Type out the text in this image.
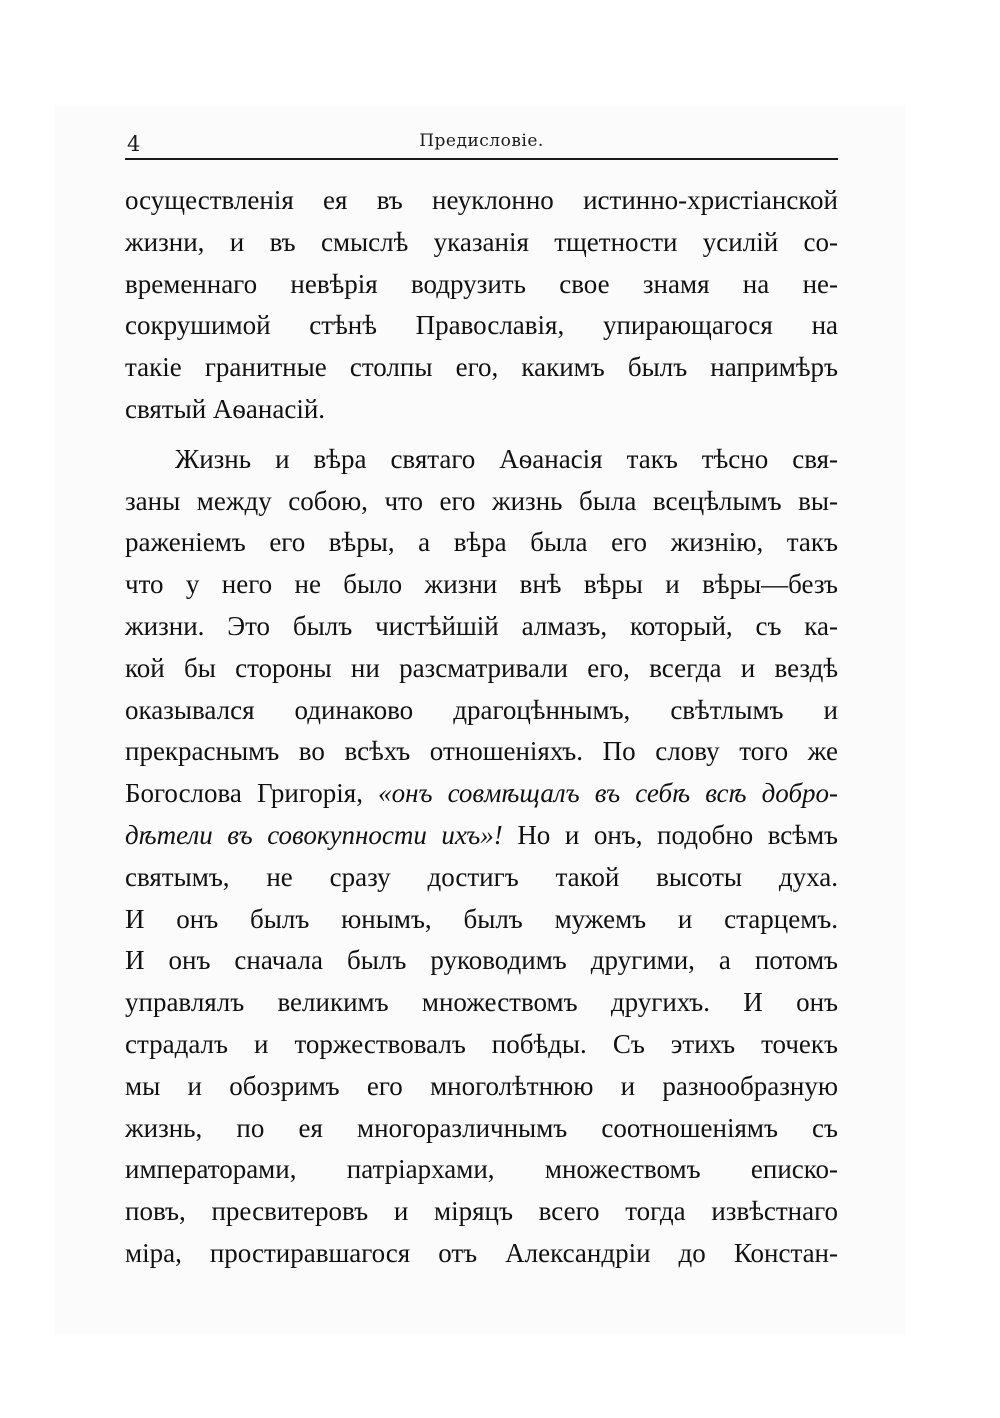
4	Предисловіе.
осуществленія ея въ неуклонно истинно-христіанской
жизни, и въ смыслѣ указанія тщетности усилій со-
временнаго невѣрія водрузить свое знамя на не-
сокрушимой стѣнѣ Православія, упирающагося на
такіе гранитные столпы его, какимъ былъ напримѣръ
святый Аѳанасій.
Жизнь и вѣра святаго Аѳанасія такъ тѣсно свя-
заны между собою, что его жизнь была всецѣлымъ вы-
раженіемъ его вѣры, а вѣра была его жизнію, такъ
что у него не было жизни внѣ вѣры и вѣры—безъ
жизни. Это былъ чистѣйшій алмазъ, который, съ ка-
кой бы стороны ни разсматривали его, всегда и вездѣ
оказывался одинаково драгоцѣннымъ, свѣтлымъ и
прекраснымъ во всѣхъ отношеніяхъ. По слову того же
Богослова Григорія, «онъ совмѣщалъ въ себѣ всѣ добро-
дѣтели въ совокупности ихъ»! Но и онъ, подобно всѣмъ
святымъ, не сразу достигъ такой высоты духа.
И онъ былъ юнымъ, былъ мужемъ и старцемъ.
И онъ сначала былъ руководимъ другими, а потомъ
управлялъ великимъ множествомъ другихъ. И онъ
страдалъ и торжествовалъ побѣды. Съ этихъ точекъ
мы и обозримъ его многолѣтнюю и разнообразную
жизнь, по ея многоразличнымъ соотношеніямъ съ
императорами, патріархами, множествомъ еписко-
повъ, пресвитеровъ и міряцъ всего тогда извѣстнаго
міра, простиравшагося отъ Александріи до Констан-
